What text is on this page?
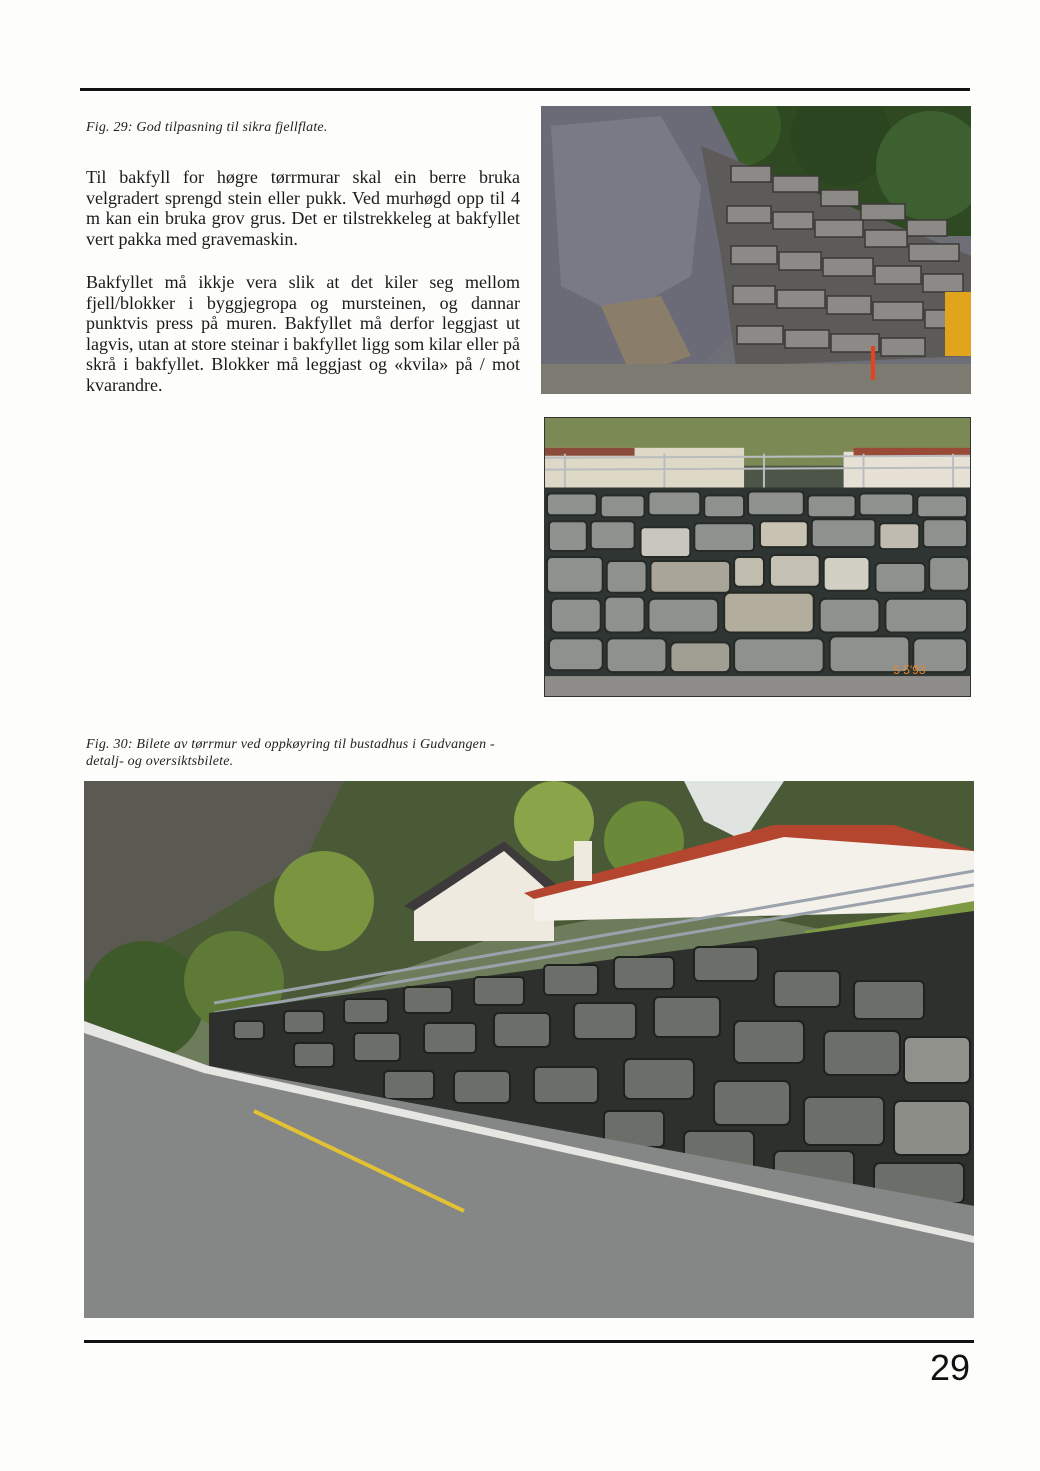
Fig. 29: God tilpasning til sikra fjellflate.

Til bakfyll for høgre tørrmurar skal ein berre bruka velgradert sprengd stein eller pukk. Ved murhøgd opp til 4 m kan ein bruka grov grus. Det er tilstrekkeleg at bakfyllet vert pakka med gravemaskin.

Bakfyllet må ikkje vera slik at det kiler seg mellom fjell/blokker i byggjegropa og mursteinen, og dannar punktvis press på muren. Bakfyllet må derfor leggjast ut lagvis, utan at store steinar i bakfyllet ligg som kilar eller på skrå i bakfyllet. Blokker må leggjast og «kvila» på / mot kvarandre.

5 5'93
Fig. 30: Bilete av tørrmur ved oppkøyring til bustadhus i Gudvangen - detalj- og oversiktsbilete.
29
